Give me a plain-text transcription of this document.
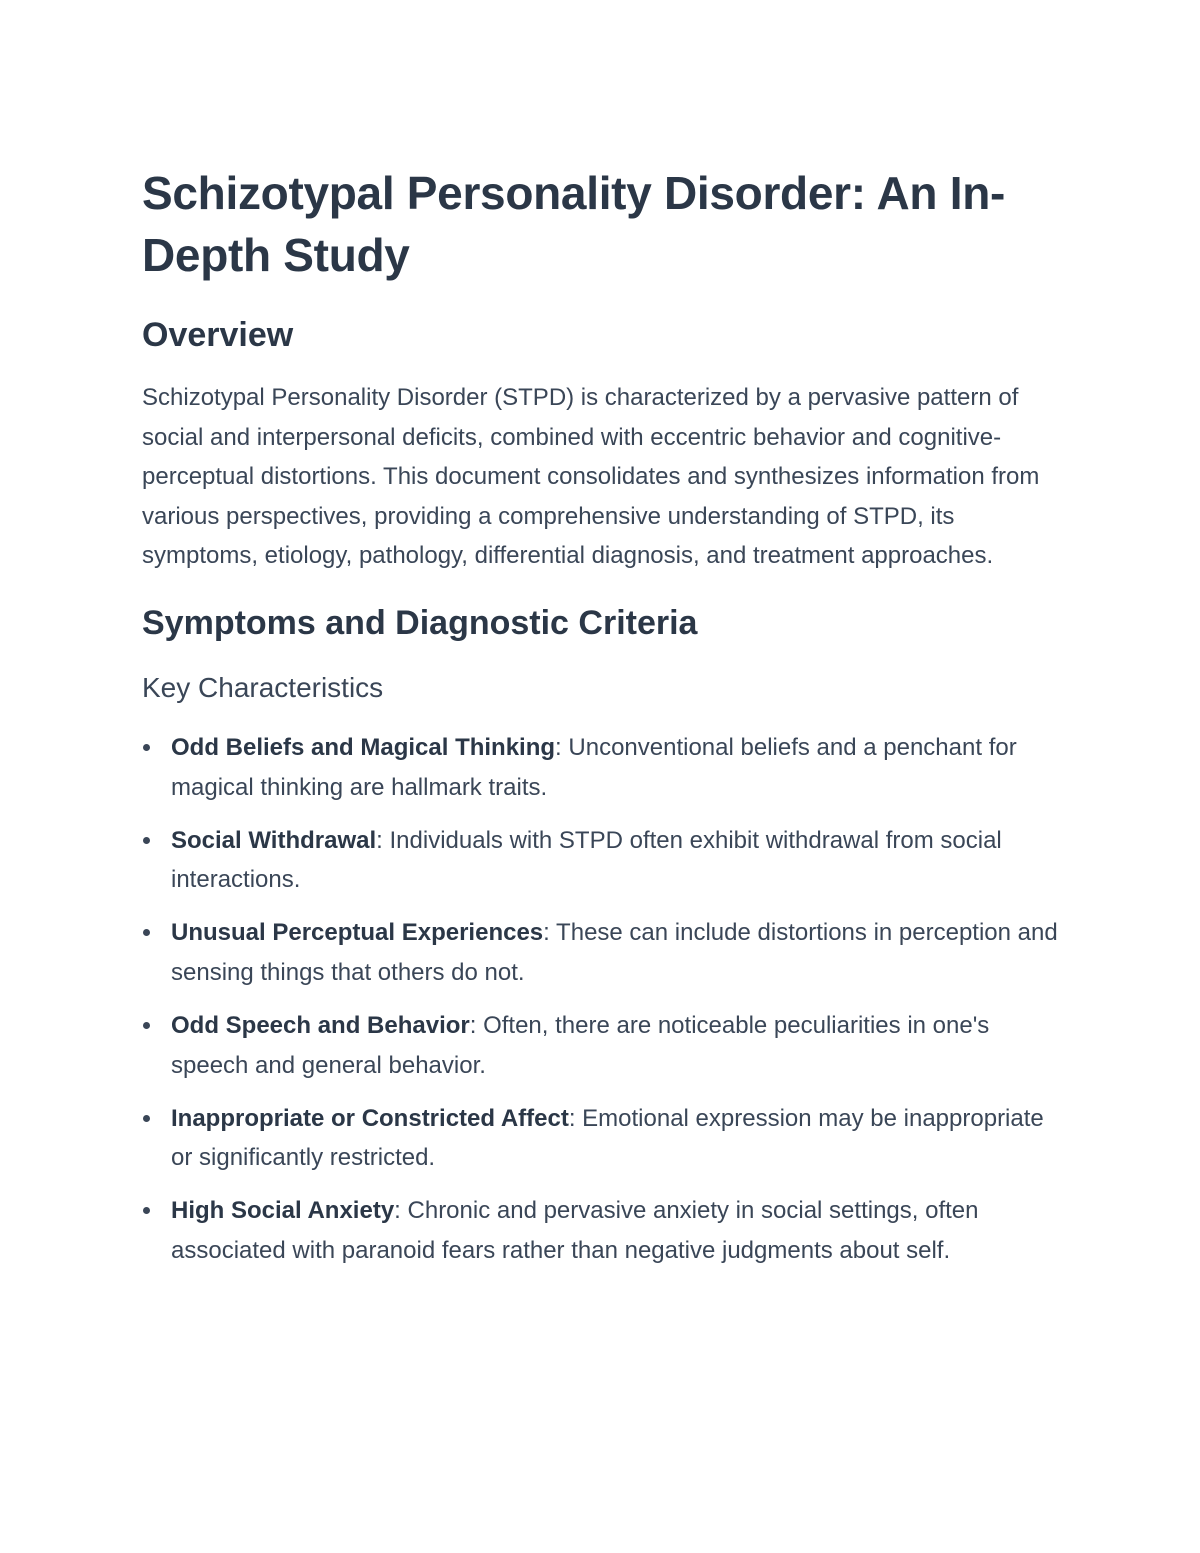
Schizotypal Personality Disorder: An In-Depth Study
Overview

Schizotypal Personality Disorder (STPD) is characterized by a pervasive pattern of social and interpersonal deficits, combined with eccentric behavior and cognitive-perceptual distortions. This document consolidates and synthesizes information from various perspectives, providing a comprehensive understanding of STPD, its symptoms, etiology, pathology, differential diagnosis, and treatment approaches.

Symptoms and Diagnostic Criteria
Key Characteristics
Odd Beliefs and Magical Thinking: Unconventional beliefs and a penchant for magical thinking are hallmark traits.
Social Withdrawal: Individuals with STPD often exhibit withdrawal from social interactions.
Unusual Perceptual Experiences: These can include distortions in perception and sensing things that others do not.
Odd Speech and Behavior: Often, there are noticeable peculiarities in one's speech and general behavior.
Inappropriate or Constricted Affect: Emotional expression may be inappropriate or significantly restricted.
High Social Anxiety: Chronic and pervasive anxiety in social settings, often associated with paranoid fears rather than negative judgments about self.
